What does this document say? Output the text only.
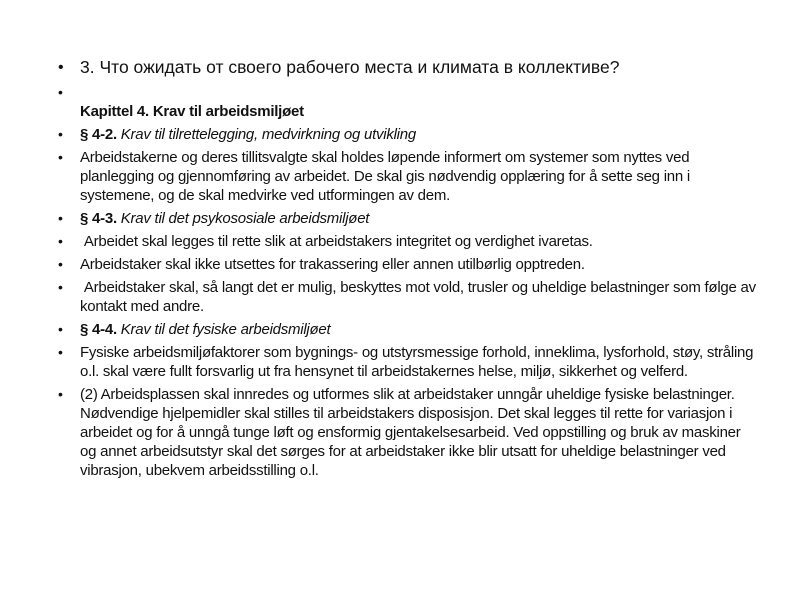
• 3. Что ожидать от своего рабочего места и климата в коллективе?
•

Kapittel 4. Krav til arbeidsmiljøet
•	§ 4-2. Krav til tilrettelegging, medvirkning og utvikling
•	Arbeidstakerne og deres tillitsvalgte skal holdes løpende informert om systemer som nyttes ved planlegging og gjennomføring av arbeidet. De skal gis nødvendig opplæring for å sette seg inn i systemene, og de skal medvirke ved utformingen av dem.
•	§ 4-3. Krav til det psykososiale arbeidsmiljøet
•	Arbeidet skal legges til rette slik at arbeidstakers integritet og verdighet ivaretas.
•	Arbeidstaker skal ikke utsettes for trakassering eller annen utilbørlig opptreden.
•	Arbeidstaker skal, så langt det er mulig, beskyttes mot vold, trusler og uheldige belastninger som følge av kontakt med andre.
•	§ 4-4. Krav til det fysiske arbeidsmiljøet
•	Fysiske arbeidsmiljøfaktorer som bygnings- og utstyrsmessige forhold, inneklima, lysforhold, støy, stråling o.l. skal være fullt forsvarlig ut fra hensynet til arbeidstakernes helse, miljø, sikkerhet og velferd.
•	(2) Arbeidsplassen skal innredes og utformes slik at arbeidstaker unngår uheldige fysiske belastninger. Nødvendige hjelpemidler skal stilles til arbeidstakers disposisjon. Det skal legges til rette for variasjon i arbeidet og for å unngå tunge løft og ensformig gjentakelsesarbeid. Ved oppstilling og bruk av maskiner og annet arbeidsutstyr skal det sørges for at arbeidstaker ikke blir utsatt for uheldige belastninger ved vibrasjon, ubekvem arbeidsstilling o.l.
